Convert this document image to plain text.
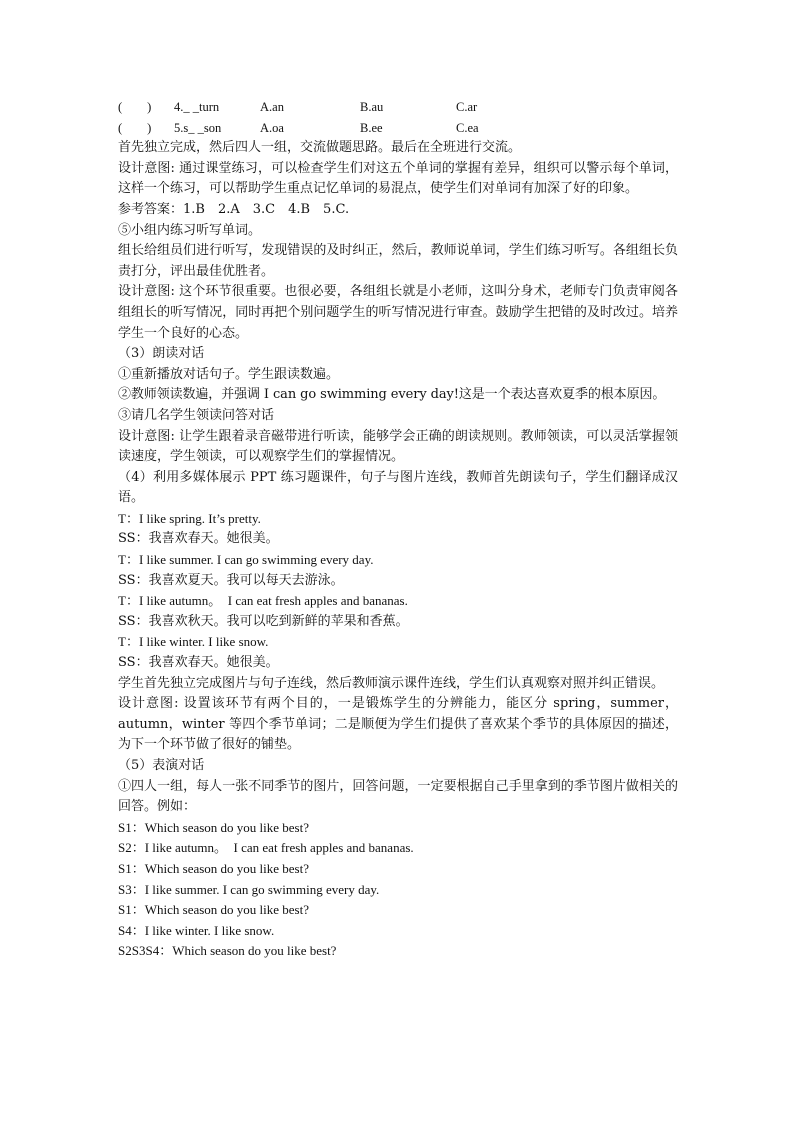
(　　)	4._ _turn	A.an	B.au	C.ar
(　　)	5.s_ _son	A.oa	B.ee	C.ea
首先独立完成，然后四人一组，交流做题思路。最后在全班进行交流。
设计意图: 通过课堂练习，可以检查学生们对这五个单词的掌握有差异，组织可以警示每个单词，这样一个练习，可以帮助学生重点记忆单词的易混点，使学生们对单词有加深了好的印象。
参考答案：1.B　2.A　3.C　4.B　5.C.
⑤小组内练习听写单词。
组长给组员们进行听写，发现错误的及时纠正，然后，教师说单词，学生们练习听写。各组组长负责打分，评出最佳优胜者。
设计意图: 这个环节很重要。也很必要，各组组长就是小老师，这叫分身术，老师专门负责审阅各组组长的听写情况，同时再把个别问题学生的听写情况进行审查。鼓励学生把错的及时改过。培养学生一个良好的心态。
（3）朗读对话
①重新播放对话句子。学生跟读数遍。
②教师领读数遍，并强调 I can go swimming every day!这是一个表达喜欢夏季的根本原因。
③请几名学生领读问答对话
设计意图: 让学生跟着录音磁带进行听读，能够学会正确的朗读规则。教师领读，可以灵活掌握领读速度，学生领读，可以观察学生们的掌握情况。
（4）利用多媒体展示 PPT 练习题课件，句子与图片连线，教师首先朗读句子，学生们翻译成汉语。
T：I like spring. It’s pretty.
SS：我喜欢春天。她很美。
T：I like summer. I can go swimming every day.
SS：我喜欢夏天。我可以每天去游泳。
T：I like autumn。　I can eat fresh apples and bananas.
SS：我喜欢秋天。我可以吃到新鲜的苹果和香蕉。
T：I like winter. I like snow.
SS：我喜欢春天。她很美。
学生首先独立完成图片与句子连线，然后教师演示课件连线，学生们认真观察对照并纠正错误。
设计意图: 设置该环节有两个目的，一是锻炼学生的分辨能力，能区分 spring，summer，autumn，winter 等四个季节单词；二是顺便为学生们提供了喜欢某个季节的具体原因的描述，为下一个环节做了很好的铺垫。
（5）表演对话
①四人一组，每人一张不同季节的图片，回答问题，一定要根据自己手里拿到的季节图片做相关的回答。例如：
S1：Which season do you like best?
S2：I like autumn。　I can eat fresh apples and bananas.
S1：Which season do you like best?
S3：I like summer. I can go swimming every day.
S1：Which season do you like best?
S4：I like winter. I like snow.
S2S3S4：Which season do you like best?
